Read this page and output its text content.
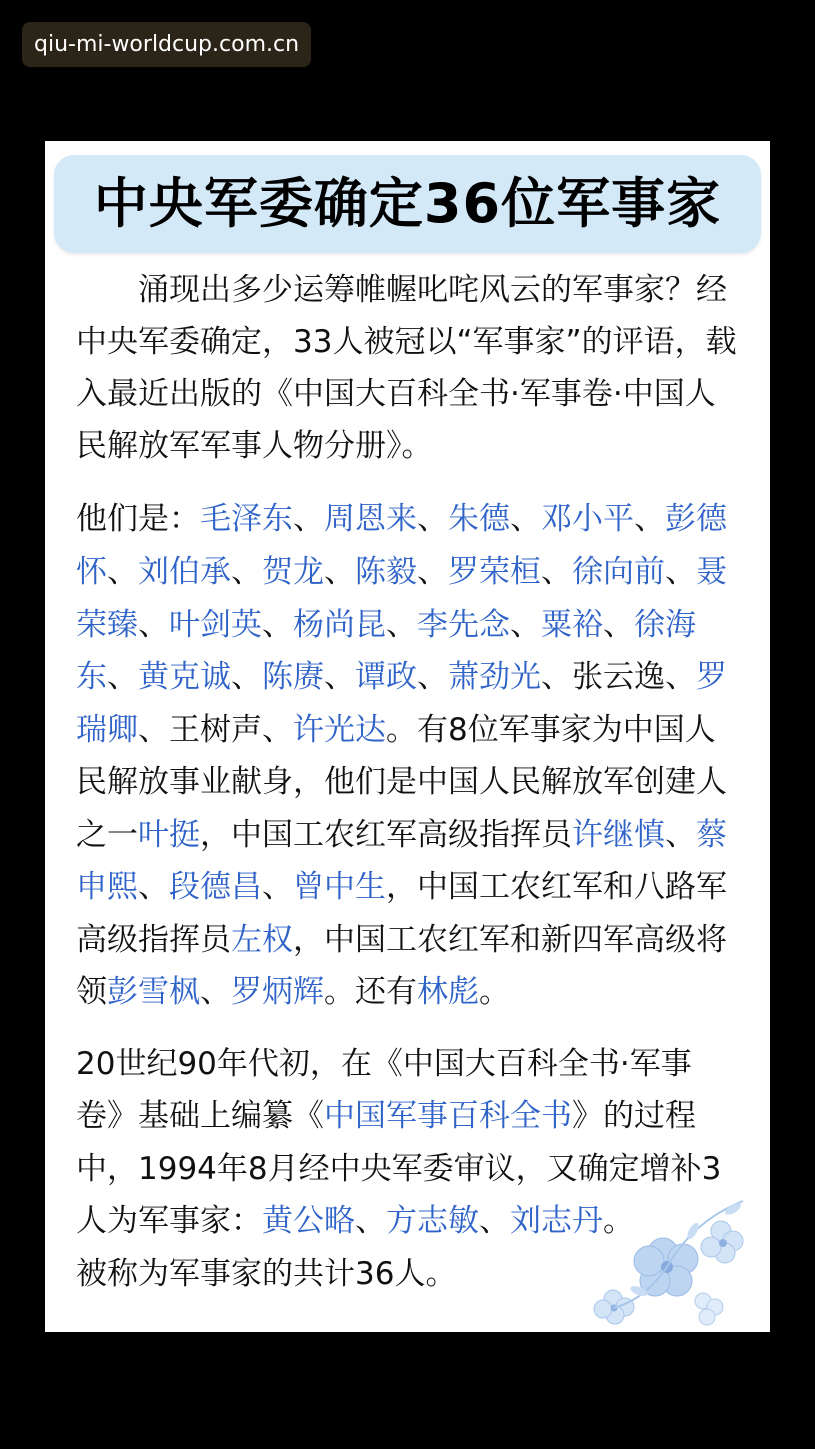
qiu-mi-worldcup.com.cn
中央军委确定36位军事家
涌现出多少运筹帷幄叱咤风云的军事家？经
中央军委确定，33人被冠以“军事家”的评语，载
入最近出版的《中国大百科全书·军事卷·中国人
民解放军军事人物分册》。
他们是：毛泽东、周恩来、朱德、邓小平、彭德
怀、刘伯承、贺龙、陈毅、罗荣桓、徐向前、聂
荣臻、叶剑英、杨尚昆、李先念、粟裕、徐海
东、黄克诚、陈赓、谭政、萧劲光、张云逸、罗
瑞卿、王树声、许光达。有8位军事家为中国人
民解放事业献身，他们是中国人民解放军创建人
之一叶挺，中国工农红军高级指挥员许继慎、蔡
申熙、段德昌、曾中生，中国工农红军和八路军
高级指挥员左权，中国工农红军和新四军高级将
领彭雪枫、罗炳辉。还有林彪。
20世纪90年代初，在《中国大百科全书·军事
卷》基础上编纂《中国军事百科全书》的过程
中，1994年8月经中央军委审议，又确定增补3
人为军事家：黄公略、方志敏、刘志丹。
被称为军事家的共计36人。
